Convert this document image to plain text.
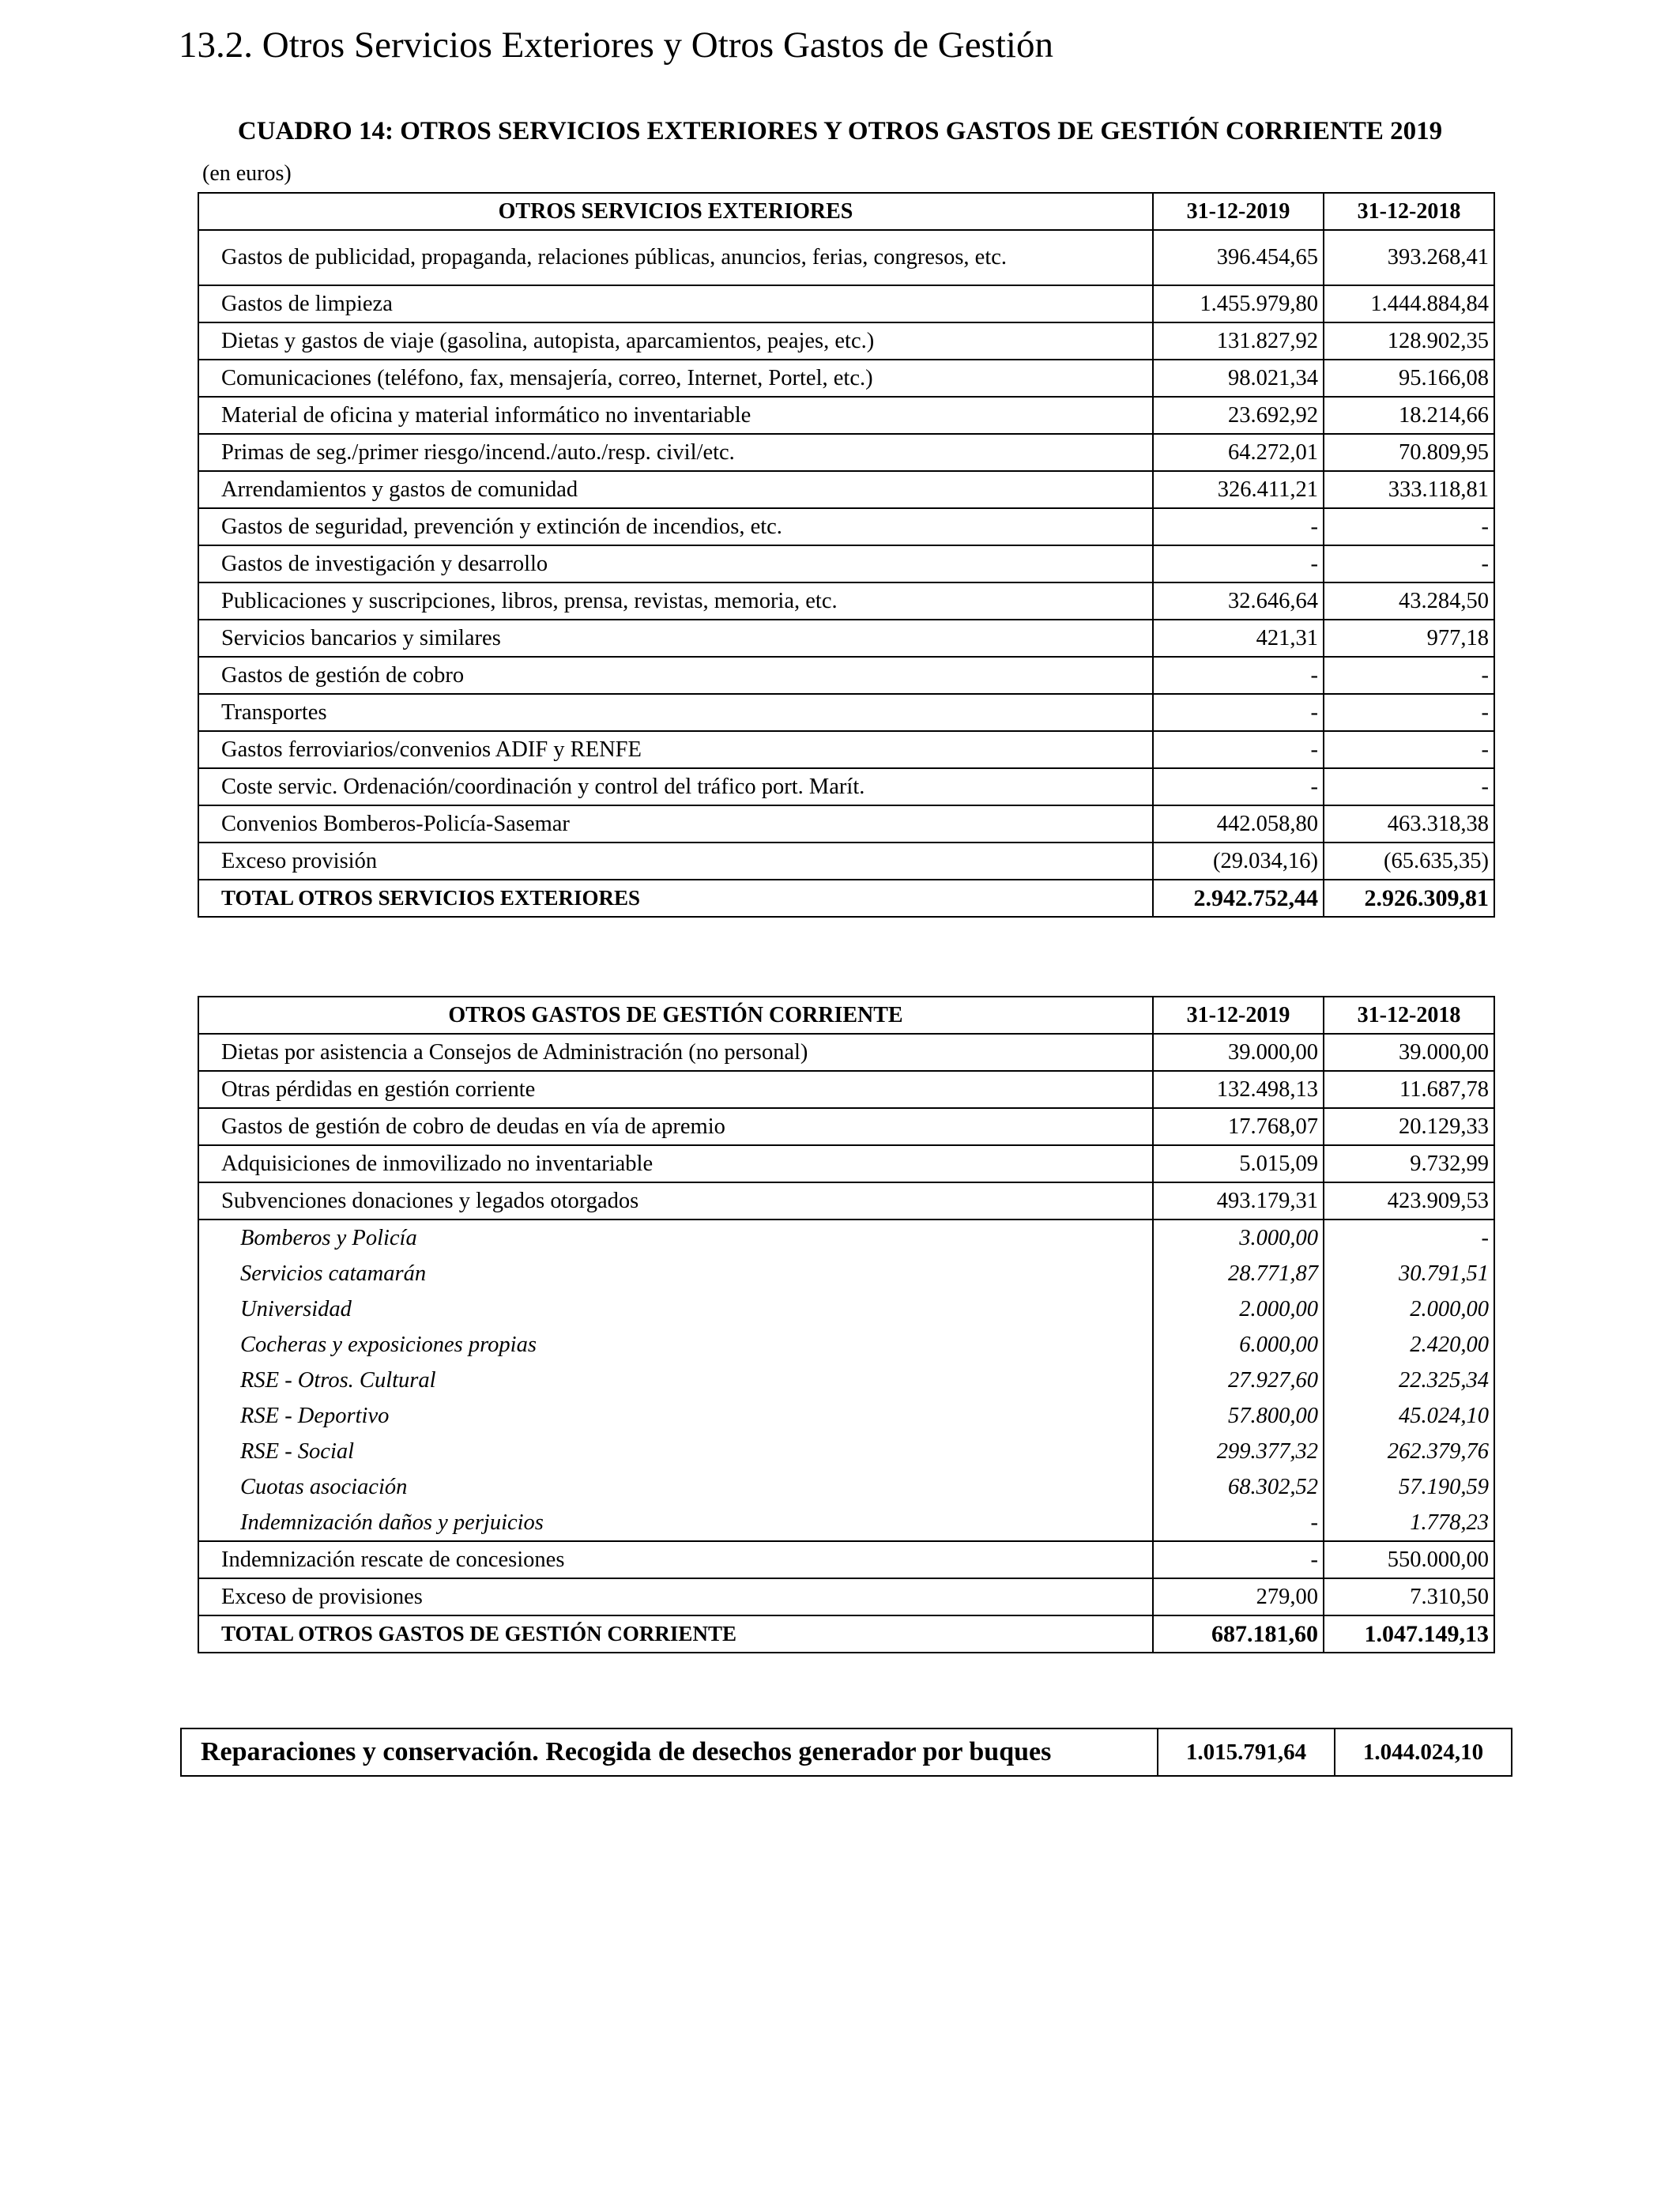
13.2. Otros Servicios Exteriores y Otros Gastos de Gestión
CUADRO 14: OTROS SERVICIOS EXTERIORES Y OTROS GASTOS DE GESTIÓN CORRIENTE 2019
(en euros)
OTROS SERVICIOS EXTERIORES	31-12-2019	31-12-2018
Gastos de publicidad, propaganda, relaciones públicas, anuncios, ferias, congresos, etc.	396.454,65	393.268,41
Gastos de limpieza	1.455.979,80	1.444.884,84
Dietas y gastos de viaje (gasolina, autopista, aparcamientos, peajes, etc.)	131.827,92	128.902,35
Comunicaciones (teléfono, fax, mensajería, correo, Internet, Portel, etc.)	98.021,34	95.166,08
Material de oficina y material informático no inventariable	23.692,92	18.214,66
Primas de seg./primer riesgo/incend./auto./resp. civil/etc.	64.272,01	70.809,95
Arrendamientos y gastos de comunidad	326.411,21	333.118,81
Gastos de seguridad, prevención y extinción de incendios, etc.	-	-
Gastos de investigación y desarrollo	-	-
Publicaciones y suscripciones, libros, prensa, revistas, memoria, etc.	32.646,64	43.284,50
Servicios bancarios y similares	421,31	977,18
Gastos de gestión de cobro	-	-
Transportes	-	-
Gastos ferroviarios/convenios ADIF y RENFE	-	-
Coste servic. Ordenación/coordinación y control del tráfico port. Marít.	-	-
Convenios Bomberos-Policía-Sasemar	442.058,80	463.318,38
Exceso provisión	(29.034,16)	(65.635,35)
TOTAL OTROS SERVICIOS EXTERIORES	2.942.752,44	2.926.309,81
OTROS GASTOS DE GESTIÓN CORRIENTE	31-12-2019	31-12-2018
Dietas por asistencia a Consejos de Administración (no personal)	39.000,00	39.000,00
Otras pérdidas en gestión corriente	132.498,13	11.687,78
Gastos de gestión de cobro de deudas en vía de apremio	17.768,07	20.129,33
Adquisiciones de inmovilizado no inventariable	5.015,09	9.732,99
Subvenciones donaciones y legados otorgados	493.179,31	423.909,53
Bomberos y Policía	3.000,00	-
Servicios catamarán	28.771,87	30.791,51
Universidad	2.000,00	2.000,00
Cocheras y exposiciones propias	6.000,00	2.420,00
RSE - Otros. Cultural	27.927,60	22.325,34
RSE - Deportivo	57.800,00	45.024,10
RSE - Social	299.377,32	262.379,76
Cuotas asociación	68.302,52	57.190,59
Indemnización daños y perjuicios	-	1.778,23
Indemnización rescate de concesiones	-	550.000,00
Exceso de provisiones	279,00	7.310,50
TOTAL OTROS GASTOS DE GESTIÓN CORRIENTE	687.181,60	1.047.149,13
Reparaciones y conservación. Recogida de desechos generador por buques	1.015.791,64	1.044.024,10
